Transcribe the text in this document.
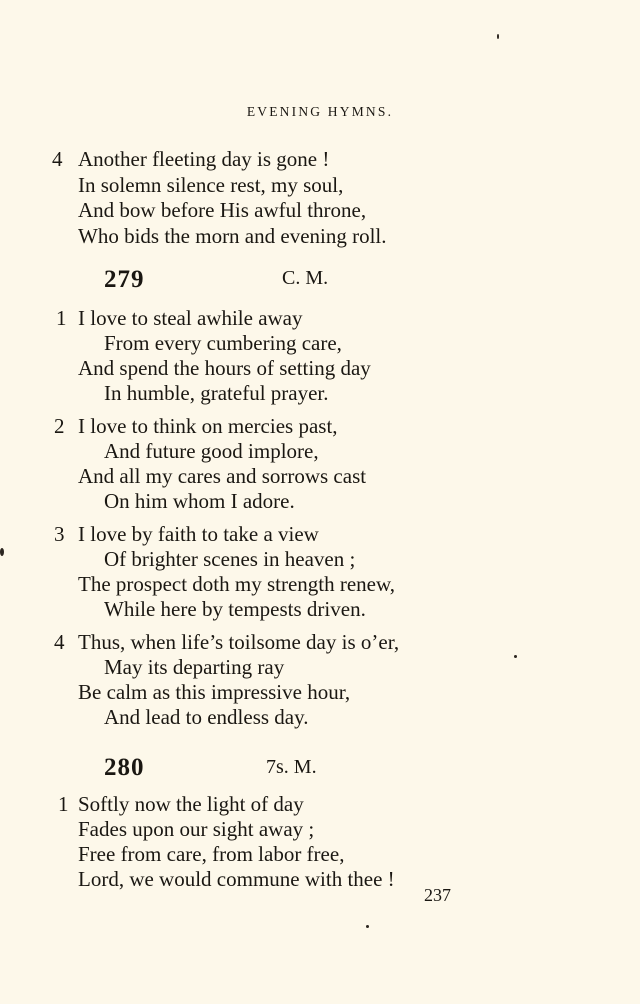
EVENING HYMNS.
4 Another fleeting day is gone !
In solemn silence rest, my soul,
And bow before His awful throne,
Who bids the morn and evening roll.
279	C. M.
1 I love to steal awhile away
From every cumbering care,
And spend the hours of setting day
In humble, grateful prayer.
2 I love to think on mercies past,
And future good implore,
And all my cares and sorrows cast
On him whom I adore.
3 I love by faith to take a view
Of brighter scenes in heaven ;
The prospect doth my strength renew,
While here by tempests driven.
4 Thus, when life’s toilsome day is o’er,
May its departing ray
Be calm as this impressive hour,
And lead to endless day.
280	7s. M.
1 Softly now the light of day
Fades upon our sight away ;
Free from care, from labor free,
Lord, we would commune with thee !
237
